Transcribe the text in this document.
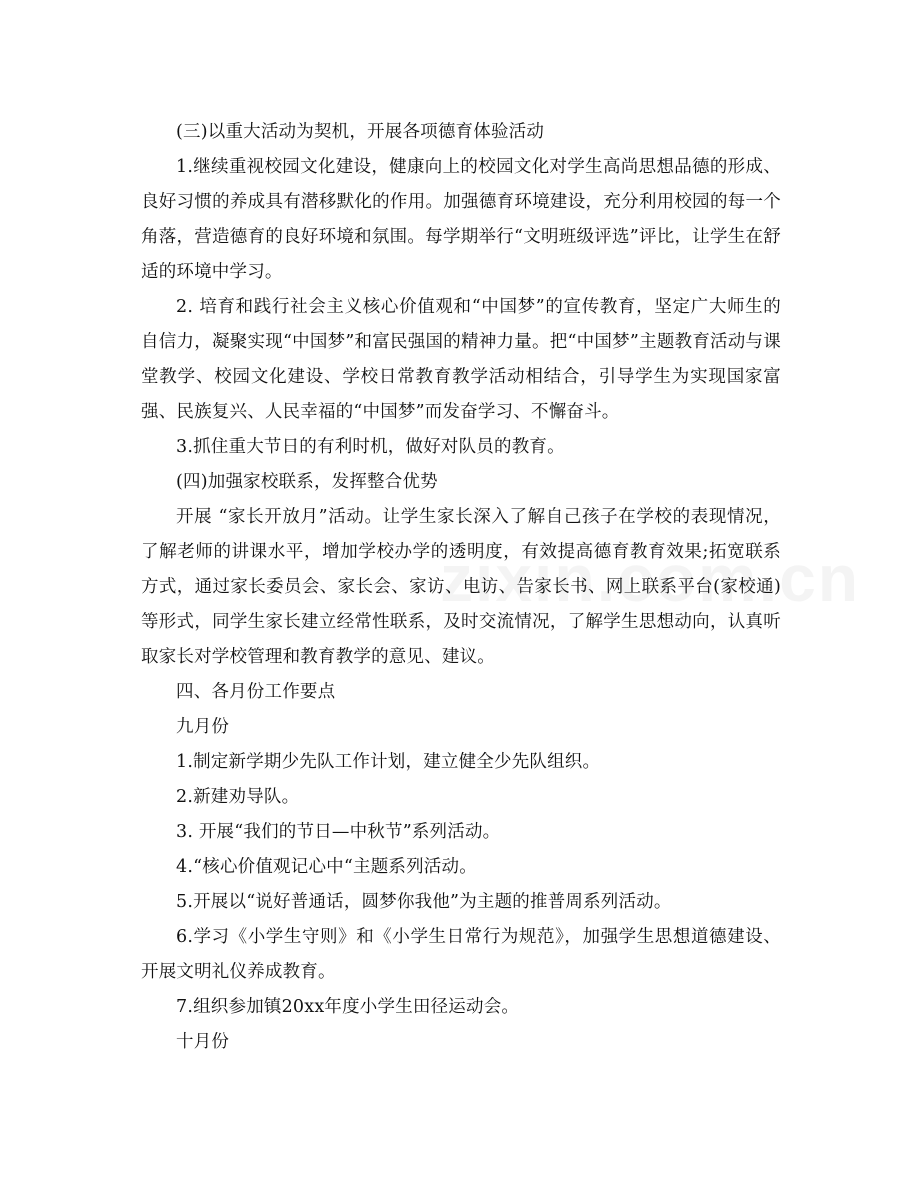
(三)以重大活动为契机，开展各项德育体验活动

1.继续重视校园文化建设，健康向上的校园文化对学生高尚思想品德的形成、良好习惯的养成具有潜移默化的作用。加强德育环境建设，充分利用校园的每一个角落，营造德育的良好环境和氛围。每学期举行“文明班级评选”评比，让学生在舒适的环境中学习。

2. 培育和践行社会主义核心价值观和“中国梦”的宣传教育，坚定广大师生的自信力，凝聚实现“中国梦”和富民强国的精神力量。把“中国梦”主题教育活动与课堂教学、校园文化建设、学校日常教育教学活动相结合，引导学生为实现国家富强、民族复兴、人民幸福的“中国梦”而发奋学习、不懈奋斗。

3.抓住重大节日的有利时机，做好对队员的教育。

(四)加强家校联系，发挥整合优势

开展 “家长开放月”活动。让学生家长深入了解自己孩子在学校的表现情况，了解老师的讲课水平，增加学校办学的透明度，有效提高德育教育效果;拓宽联系方式，通过家长委员会、家长会、家访、电访、告家长书、网上联系平台(家校通)等形式，同学生家长建立经常性联系，及时交流情况，了解学生思想动向，认真听取家长对学校管理和教育教学的意见、建议。

四、各月份工作要点

九月份

1.制定新学期少先队工作计划，建立健全少先队组织。

2.新建劝导队。

3. 开展“我们的节日—中秋节”系列活动。

4.“核心价值观记心中“主题系列活动。

5.开展以“说好普通话，圆梦你我他”为主题的推普周系列活动。

6.学习《小学生守则》和《小学生日常行为规范》，加强学生思想道德建设、开展文明礼仪养成教育。

7.组织参加镇20xx年度小学生田径运动会。

十月份
